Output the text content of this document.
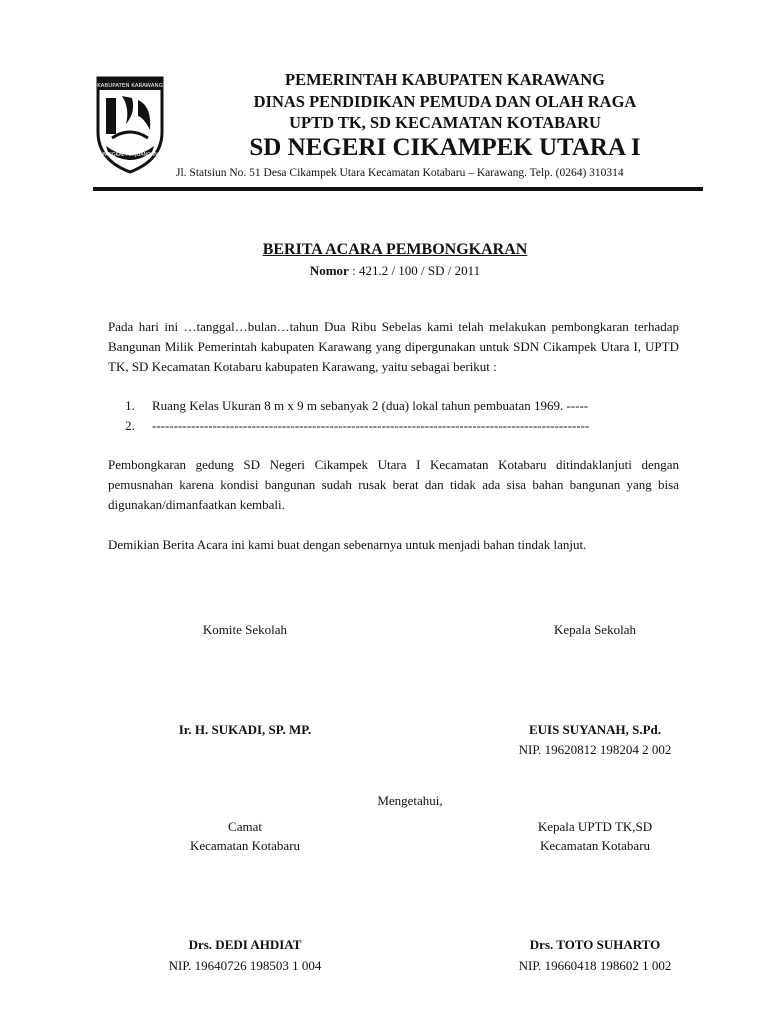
KABUPATEN KARAWANG
PANGKAL PERJUANGAN
PEMERINTAH KABUPATEN KARAWANG
DINAS PENDIDIKAN PEMUDA DAN OLAH RAGA
UPTD TK, SD KECAMATAN KOTABARU
SD NEGERI CIKAMPEK UTARA I
Jl. Statsiun No. 51 Desa Cikampek Utara Kecamatan Kotabaru – Karawang. Telp. (0264) 310314
BERITA ACARA PEMBONGKARAN
Nomor : 421.2 / 100 / SD / 2011
Pada hari ini …tanggal…bulan…tahun Dua Ribu Sebelas kami telah melakukan pembongkaran terhadap Bangunan Milik Pemerintah kabupaten Karawang yang dipergunakan untuk SDN Cikampek Utara I, UPTD TK, SD Kecamatan Kotabaru kabupaten Karawang, yaitu sebagai berikut :
1. Ruang Kelas Ukuran 8 m x 9 m sebanyak 2 (dua) lokal tahun pembuatan 1969. -----
2. -----------------------------------------------------------------------------------------------------
Pembongkaran gedung SD Negeri Cikampek Utara I Kecamatan Kotabaru ditindaklanjuti dengan pemusnahan karena kondisi bangunan sudah rusak berat dan tidak ada sisa bahan bangunan yang bisa digunakan/dimanfaatkan kembali.
Demikian Berita Acara ini kami buat dengan sebenarnya untuk menjadi bahan tindak lanjut.
Komite Sekolah	Kepala Sekolah
Ir. H. SUKADI, SP. MP.	EUIS SUYANAH, S.Pd.
NIP. 19620812 198204 2 002
Mengetahui,
Camat
Kecamatan Kotabaru
Kepala UPTD TK,SD
Kecamatan Kotabaru
Drs. DEDI AHDIAT
NIP. 19640726 198503 1 004
Drs. TOTO SUHARTO
NIP. 19660418 198602 1 002
